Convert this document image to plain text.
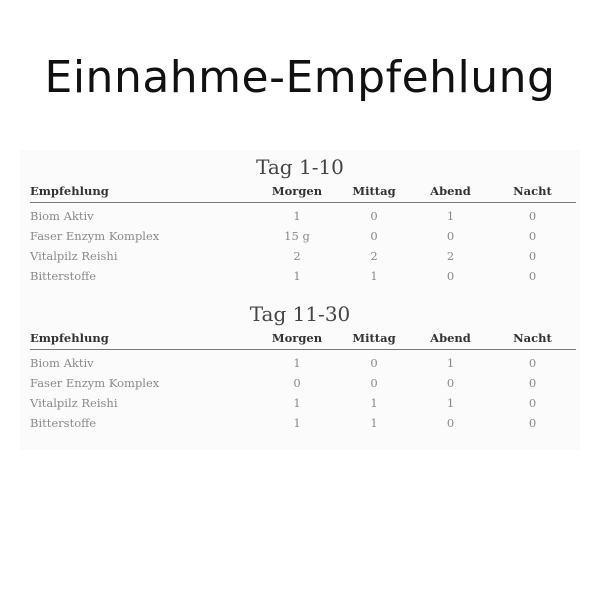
Einnahme-Empfehlung
Tag 1-10
Empfehlung	Morgen	Mittag	Abend	Nacht
Biom Aktiv	1	0	1	0
Faser Enzym Komplex	15 g	0	0	0
Vitalpilz Reishi	2	2	2	0
Bitterstoffe	1	1	0	0
Tag 11-30
Empfehlung	Morgen	Mittag	Abend	Nacht
Biom Aktiv	1	0	1	0
Faser Enzym Komplex	0	0	0	0
Vitalpilz Reishi	1	1	1	0
Bitterstoffe	1	1	0	0
